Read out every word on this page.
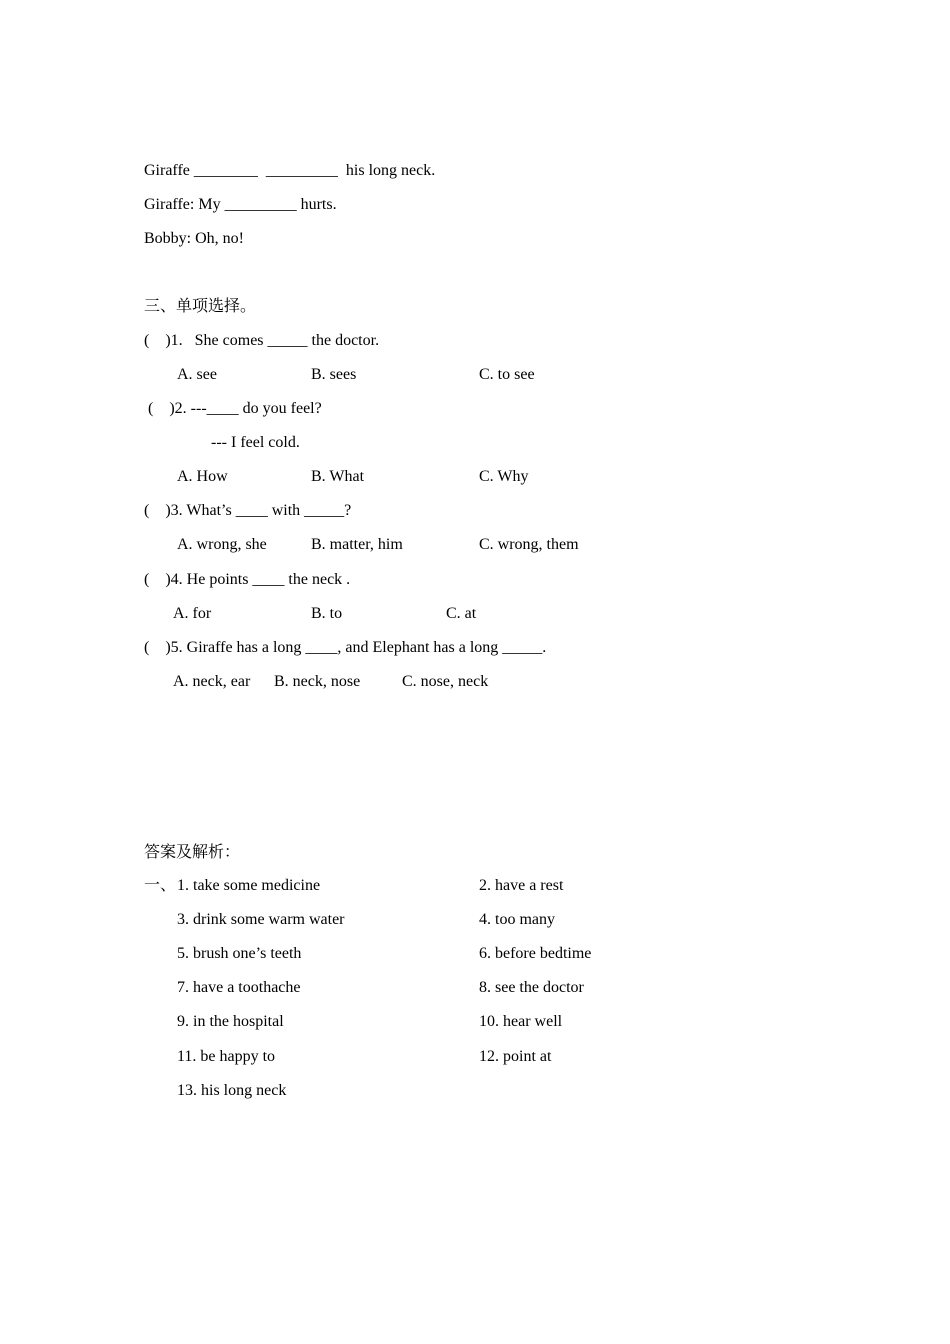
Giraffe ________  _________  his long neck.
Giraffe: My _________ hurts.
Bobby: Oh, no!
三、单项选择。
(    )1.   She comes _____ the doctor.
A. see	B. sees	C. to see
(    )2. ---____ do you feel?
--- I feel cold.
A. How	B. What	C. Why
(    )3. What’s ____ with _____?
A. wrong, she	B. matter, him	C. wrong, them
(    )4. He points ____ the neck .
A. for	B. to	C. at
(    )5. Giraffe has a long ____, and Elephant has a long _____.
A. neck, ear B. neck, nose	C. nose, neck
答案及解析：
一、 1. take some medicine	2. have a rest
3. drink some warm water	4. too many
5. brush one’s teeth	6. before bedtime
7. have a toothache	8. see the doctor
9. in the hospital	10. hear well
11. be happy to	12. point at
13. his long neck
